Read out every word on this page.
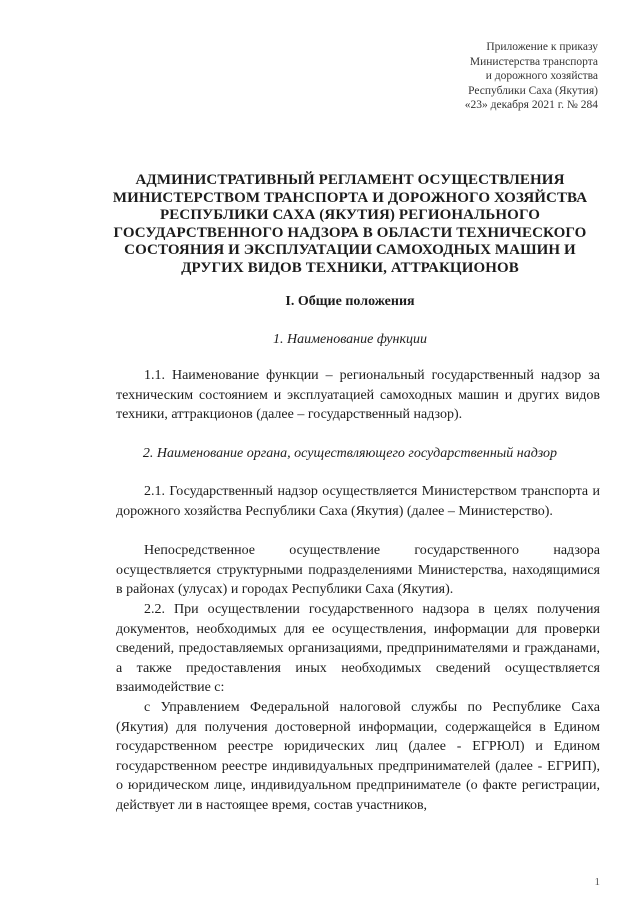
Приложение к приказу
Министерства транспорта
и дорожного хозяйства
Республики Саха (Якутия)
«23» декабря 2021 г. № 284
АДМИНИСТРАТИВНЫЙ РЕГЛАМЕНТ ОСУЩЕСТВЛЕНИЯ МИНИСТЕРСТВОМ ТРАНСПОРТА И ДОРОЖНОГО ХОЗЯЙСТВА РЕСПУБЛИКИ САХА (ЯКУТИЯ) РЕГИОНАЛЬНОГО ГОСУДАРСТВЕННОГО НАДЗОРА В ОБЛАСТИ ТЕХНИЧЕСКОГО СОСТОЯНИЯ И ЭКСПЛУАТАЦИИ САМОХОДНЫХ МАШИН И ДРУГИХ ВИДОВ ТЕХНИКИ, АТТРАКЦИОНОВ
I. Общие положения
1. Наименование функции

1.1. Наименование функции – региональный государственный надзор за техническим состоянием и эксплуатацией самоходных машин и других видов техники, аттракционов (далее – государственный надзор).

2. Наименование органа, осуществляющего государственный надзор

2.1. Государственный надзор осуществляется Министерством транспорта и дорожного хозяйства Республики Саха (Якутия) (далее – Министерство).

Непосредственное осуществление государственного надзора осуществляется структурными подразделениями Министерства, находящимися в районах (улусах) и городах Республики Саха (Якутия).

2.2. При осуществлении государственного надзора в целях получения документов, необходимых для ее осуществления, информации для проверки сведений, предоставляемых организациями, предпринимателями и гражданами, а также предоставления иных необходимых сведений осуществляется взаимодействие с:

с Управлением Федеральной налоговой службы по Республике Саха (Якутия) для получения достоверной информации, содержащейся в Едином государственном реестре юридических лиц (далее - ЕГРЮЛ) и Едином государственном реестре индивидуальных предпринимателей (далее - ЕГРИП), о юридическом лице, индивидуальном предпринимателе (о факте регистрации, действует ли в настоящее время, состав участников,

1
